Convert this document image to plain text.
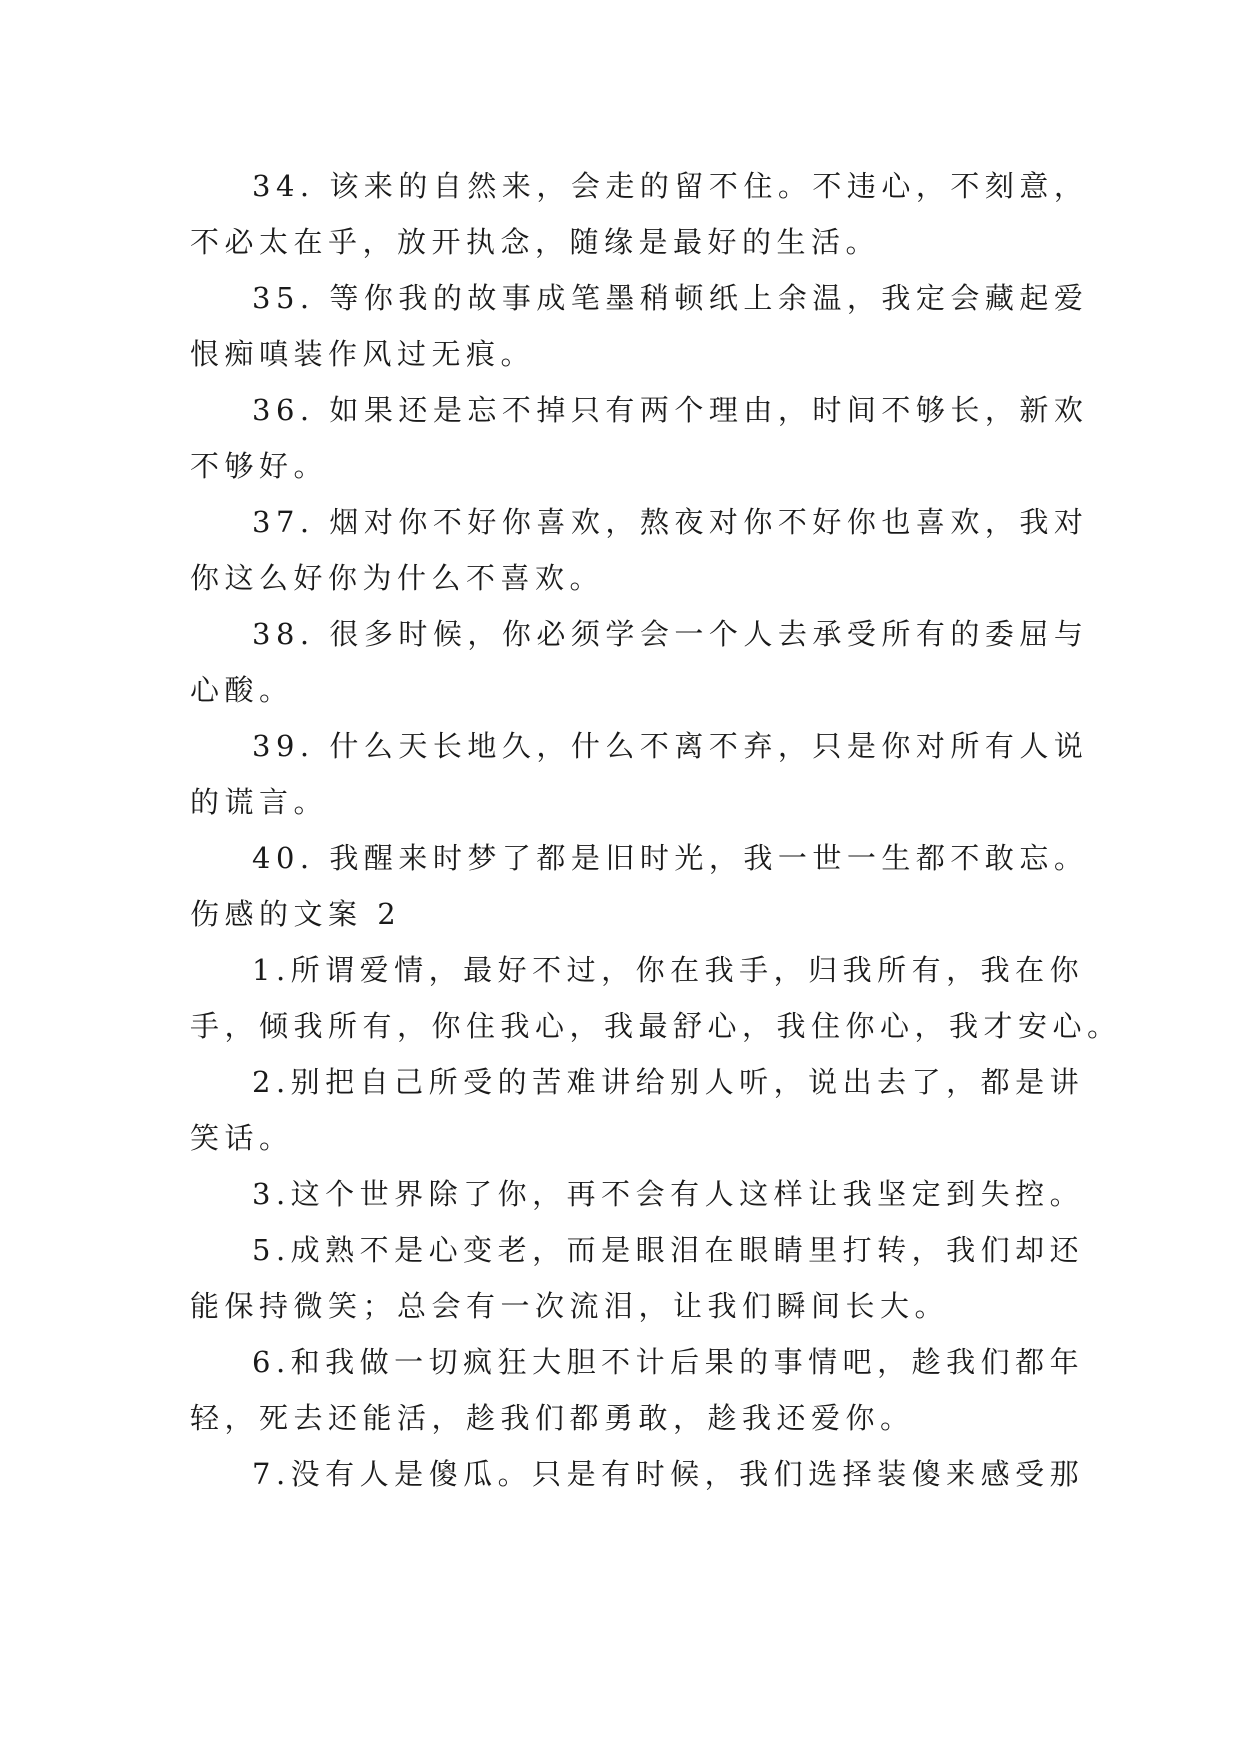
34. 该来的自然来，会走的留不住。不违心，不刻意，
不必太在乎，放开执念，随缘是最好的生活。
35. 等你我的故事成笔墨稍顿纸上余温，我定会藏起爱
恨痴嗔装作风过无痕。
36. 如果还是忘不掉只有两个理由，时间不够长，新欢
不够好。
37. 烟对你不好你喜欢，熬夜对你不好你也喜欢，我对
你这么好你为什么不喜欢。
38. 很多时候，你必须学会一个人去承受所有的委屈与
心酸。
39. 什么天长地久，什么不离不弃，只是你对所有人说
的谎言。
40. 我醒来时梦了都是旧时光，我一世一生都不敢忘。
伤感的文案 2
1.所谓爱情，最好不过，你在我手，归我所有，我在你
手，倾我所有，你住我心，我最舒心，我住你心，我才安心。
2.别把自己所受的苦难讲给别人听，说出去了，都是讲
笑话。
3.这个世界除了你，再不会有人这样让我坚定到失控。
5.成熟不是心变老，而是眼泪在眼睛里打转，我们却还
能保持微笑；总会有一次流泪，让我们瞬间长大。
6.和我做一切疯狂大胆不计后果的事情吧，趁我们都年
轻，死去还能活，趁我们都勇敢，趁我还爱你。
7.没有人是傻瓜。只是有时候，我们选择装傻来感受那
